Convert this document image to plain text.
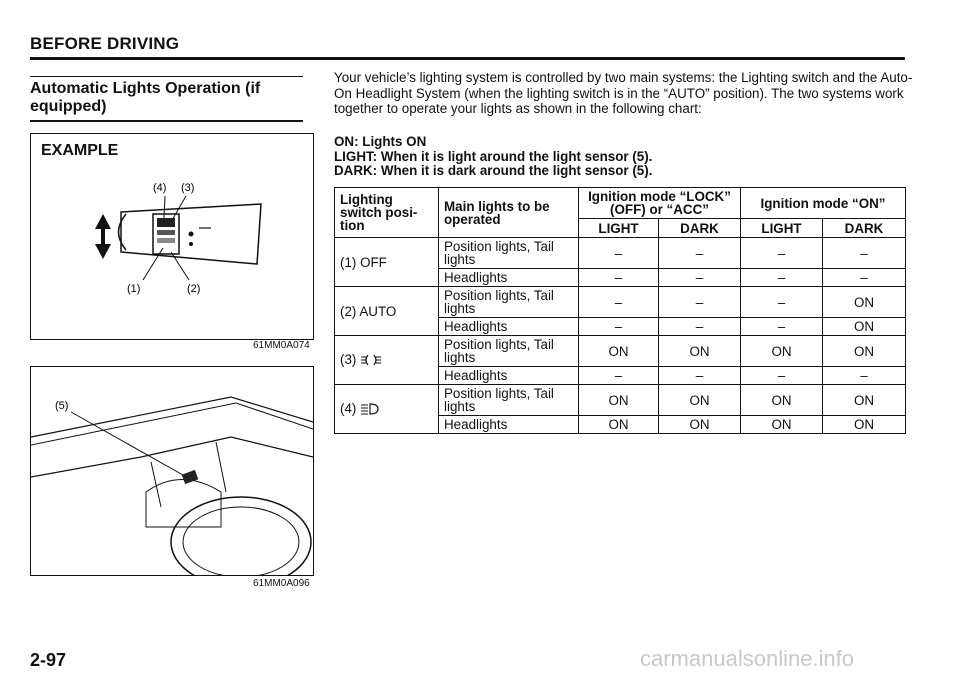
BEFORE DRIVING
Automatic Lights Operation (if equipped)
EXAMPLE
(4) (3)
(1)	(2)
61MM0A074
(5)
61MM0A096
Your vehicle’s lighting system is controlled by two main systems: the Lighting switch and the Auto-On Headlight System (when the lighting switch is in the “AUTO” position). The two systems work together to operate your lights as shown in the following chart:
ON: Lights ON
LIGHT: When it is light around the light sensor (5).
DARK: When it is dark around the light sensor (5).
Lighting switch posi-tion	Main lights to be operated	Ignition mode “LOCK” (OFF) or “ACC”		Ignition mode “ON”	
		LIGHT	DARK	LIGHT	DARK
(1) OFF	Position lights, Tail lights	–	–	–	–
	Headlights	–	–	–	–
(2) AUTO	Position lights, Tail lights	–	–	–	ON
	Headlights	–	–	–	ON
(3)	Position lights, Tail lights	ON	ON	ON	ON
	Headlights	–	–	–	–
(4)	Position lights, Tail lights	ON	ON	ON	ON
	Headlights	ON	ON	ON	ON
2-97	carmanualsonline.info
